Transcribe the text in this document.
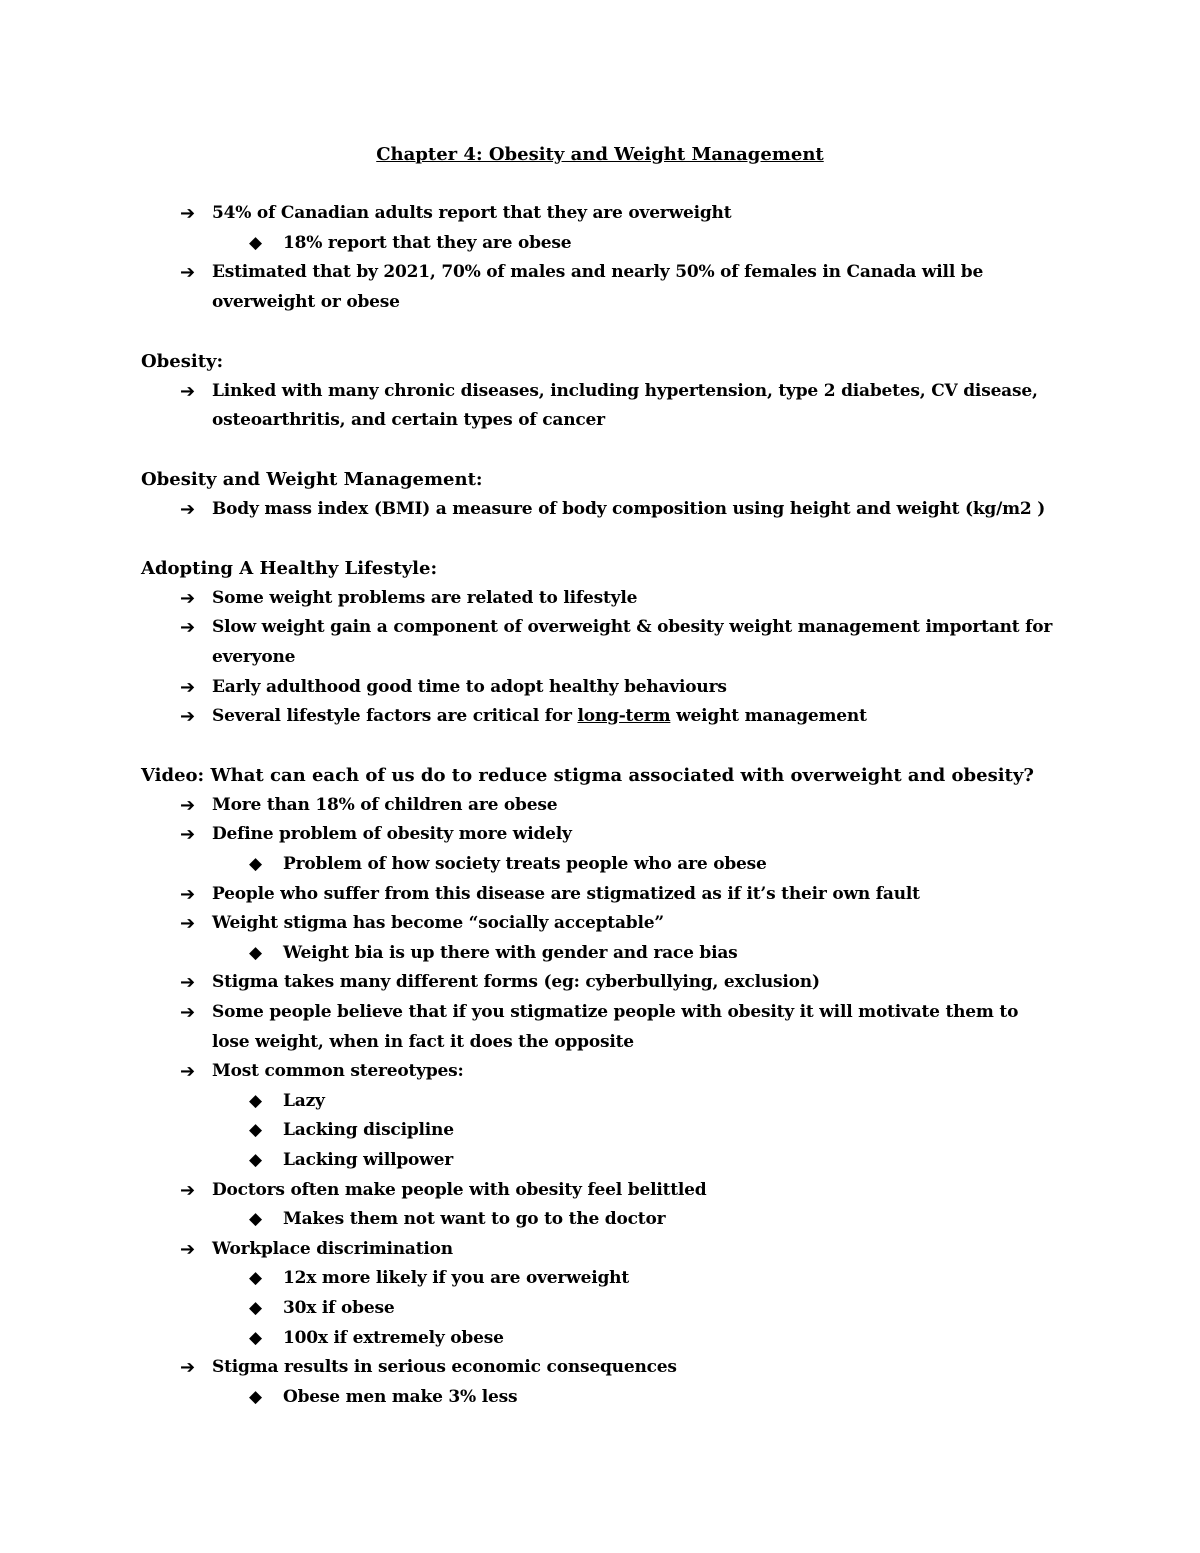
Chapter 4: Obesity and Weight Management
➔	54% of Canadian adults report that they are overweight
◆	18% report that they are obese
➔	Estimated that by 2021, 70% of males and nearly 50% of females in Canada will be overweight or obese
Obesity:
➔	Linked with many chronic diseases, including hypertension, type 2 diabetes, CV disease, osteoarthritis, and certain types of cancer
Obesity and Weight Management:
➔	Body mass index (BMI) a measure of body composition using height and weight (kg/m2 )
Adopting A Healthy Lifestyle:
➔	Some weight problems are related to lifestyle
➔	Slow weight gain a component of overweight & obesity weight management important for everyone
➔	Early adulthood good time to adopt healthy behaviours
➔	Several lifestyle factors are critical for long-term weight management
Video: What can each of us do to reduce stigma associated with overweight and obesity?
➔	More than 18% of children are obese
➔	Define problem of obesity more widely
◆	Problem of how society treats people who are obese
➔	People who suffer from this disease are stigmatized as if it’s their own fault
➔	Weight stigma has become “socially acceptable”
◆	Weight bia is up there with gender and race bias
➔	Stigma takes many different forms (eg: cyberbullying, exclusion)
➔	Some people believe that if you stigmatize people with obesity it will motivate them to lose weight, when in fact it does the opposite
➔	Most common stereotypes:
◆	Lazy
◆	Lacking discipline
◆	Lacking willpower
➔	Doctors often make people with obesity feel belittled
◆	Makes them not want to go to the doctor
➔	Workplace discrimination
◆	12x more likely if you are overweight
◆	30x if obese
◆	100x if extremely obese
➔	Stigma results in serious economic consequences
◆	Obese men make 3% less
